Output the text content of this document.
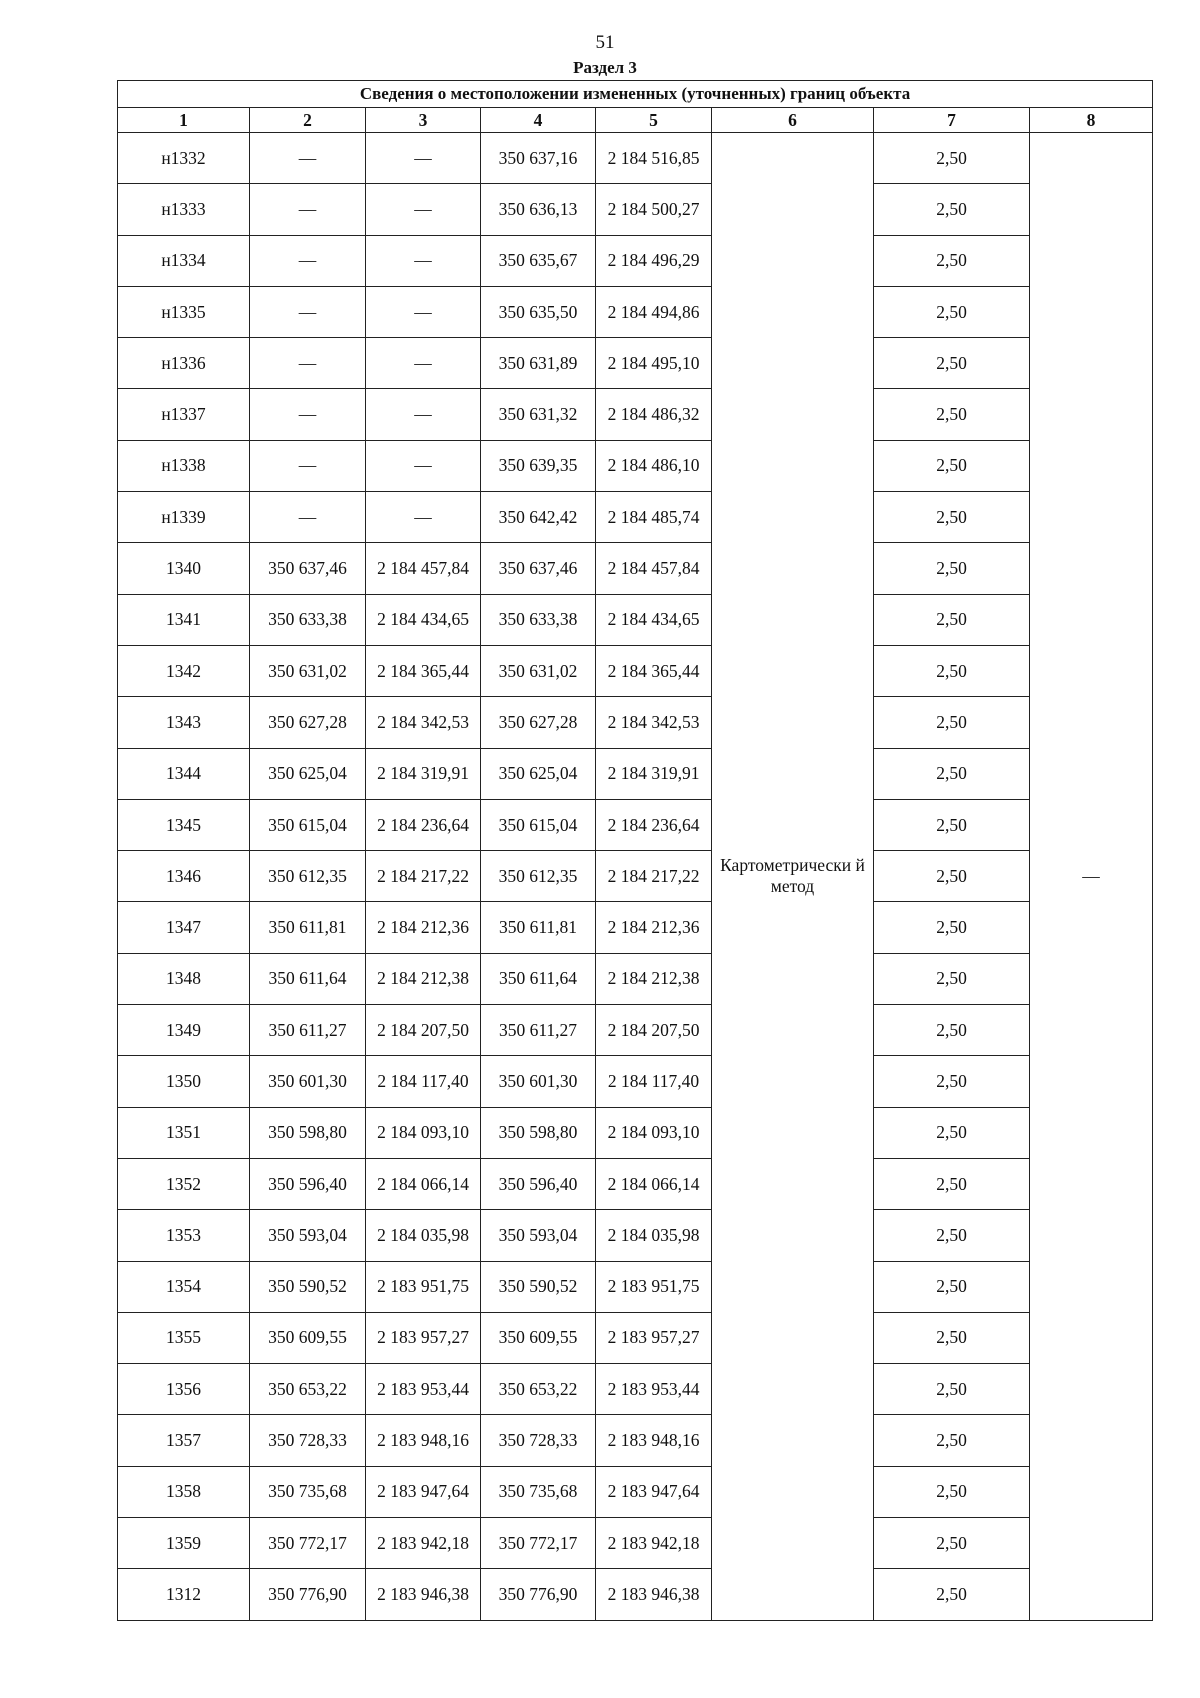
51
Раздел 3
Сведения о местоположении измененных (уточненных) границ объекта							
1	2	3	4	5	6	7	8
н1332	—	—	350 637,16	2 184 516,85	Картометрически й метод	2,50	—
н1333	—	—	350 636,13	2 184 500,27		2,50	
н1334	—	—	350 635,67	2 184 496,29		2,50	
н1335	—	—	350 635,50	2 184 494,86		2,50	
н1336	—	—	350 631,89	2 184 495,10		2,50	
н1337	—	—	350 631,32	2 184 486,32		2,50	
н1338	—	—	350 639,35	2 184 486,10		2,50	
н1339	—	—	350 642,42	2 184 485,74		2,50	
1340	350 637,46	2 184 457,84	350 637,46	2 184 457,84		2,50	
1341	350 633,38	2 184 434,65	350 633,38	2 184 434,65		2,50	
1342	350 631,02	2 184 365,44	350 631,02	2 184 365,44		2,50	
1343	350 627,28	2 184 342,53	350 627,28	2 184 342,53		2,50	
1344	350 625,04	2 184 319,91	350 625,04	2 184 319,91		2,50	
1345	350 615,04	2 184 236,64	350 615,04	2 184 236,64		2,50	
1346	350 612,35	2 184 217,22	350 612,35	2 184 217,22		2,50	
1347	350 611,81	2 184 212,36	350 611,81	2 184 212,36		2,50	
1348	350 611,64	2 184 212,38	350 611,64	2 184 212,38		2,50	
1349	350 611,27	2 184 207,50	350 611,27	2 184 207,50		2,50	
1350	350 601,30	2 184 117,40	350 601,30	2 184 117,40		2,50	
1351	350 598,80	2 184 093,10	350 598,80	2 184 093,10		2,50	
1352	350 596,40	2 184 066,14	350 596,40	2 184 066,14		2,50	
1353	350 593,04	2 184 035,98	350 593,04	2 184 035,98		2,50	
1354	350 590,52	2 183 951,75	350 590,52	2 183 951,75		2,50	
1355	350 609,55	2 183 957,27	350 609,55	2 183 957,27		2,50	
1356	350 653,22	2 183 953,44	350 653,22	2 183 953,44		2,50	
1357	350 728,33	2 183 948,16	350 728,33	2 183 948,16		2,50	
1358	350 735,68	2 183 947,64	350 735,68	2 183 947,64		2,50	
1359	350 772,17	2 183 942,18	350 772,17	2 183 942,18		2,50	
1312	350 776,90	2 183 946,38	350 776,90	2 183 946,38		2,50	
